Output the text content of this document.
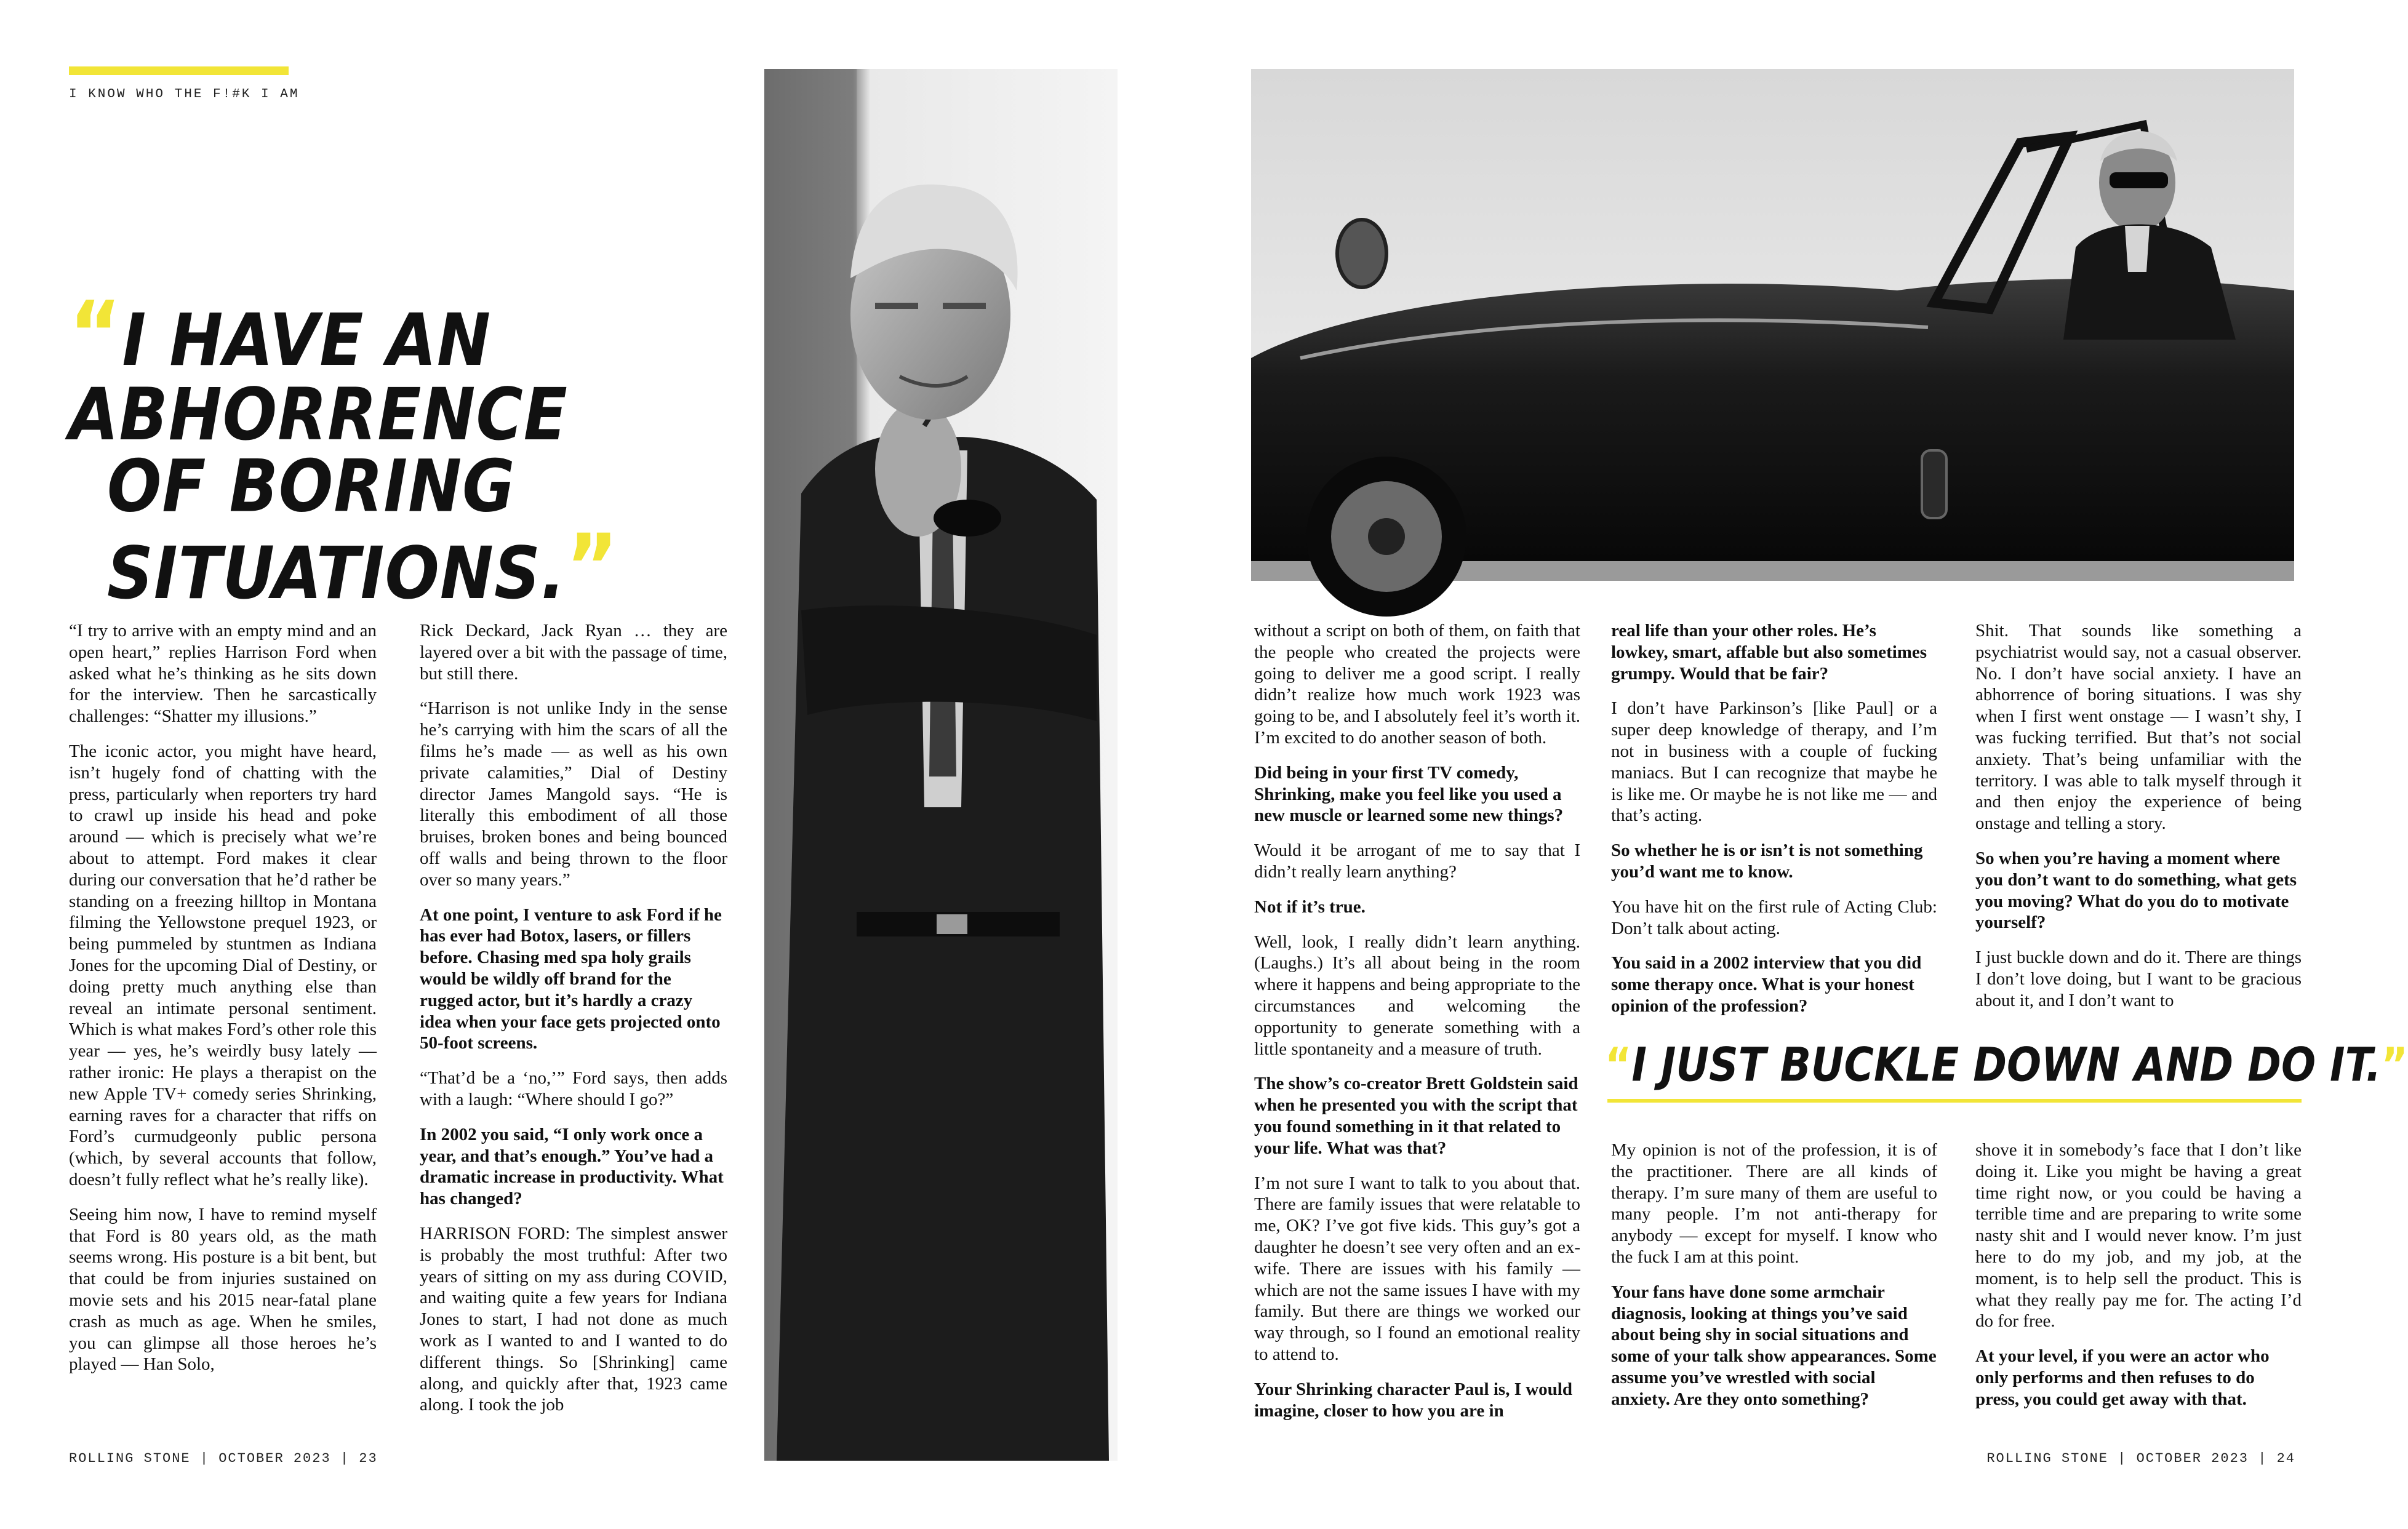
I KNOW WHO THE F!#K I AM
“I HAVE AN ABHORRENCE
OF BORING SITUATIONS.”
“I JUST BUCKLE DOWN AND DO IT.”

“I try to arrive with an empty mind and an open heart,” replies Harrison Ford when asked what he’s thinking as he sits down for the interview. Then he sarcastically challenges: “Shatter my illusions.”

The iconic actor, you might have heard, isn’t hugely fond of chatting with the press, particularly when reporters try hard to crawl up inside his head and poke around — which is precisely what we’re about to attempt. Ford makes it clear during our conversation that he’d rather be standing on a freezing hilltop in Montana filming the Yellowstone prequel 1923, or being pummeled by stuntmen as Indiana Jones for the upcoming Dial of Destiny, or doing pretty much anything else than reveal an intimate personal sentiment. Which is what makes Ford’s other role this year — yes, he’s weirdly busy lately — rather ironic: He plays a therapist on the new Apple TV+ comedy series Shrinking, earning raves for a character that riffs on Ford’s curmudgeonly public persona (which, by several accounts that follow, doesn’t fully reflect what he’s really like).

Seeing him now, I have to remind myself that Ford is 80 years old, as the math seems wrong. His posture is a bit bent, but that could be from injuries sustained on movie sets and his 2015 near-fatal plane crash as much as age. When he smiles, you can glimpse all those heroes he’s played — Han Solo,

Rick Deckard, Jack Ryan … they are layered over a bit with the passage of time, but still there.

“Harrison is not unlike Indy in the sense he’s carrying with him the scars of all the films he’s made — as well as his own private calamities,” Dial of Destiny director James Mangold says. “He is literally this embodiment of all those bruises, broken bones and being bounced off walls and being thrown to the floor over so many years.”

At one point, I venture to ask Ford if he has ever had Botox, lasers, or fillers before. Chasing med spa holy grails would be wildly off brand for the rugged actor, but it’s hardly a crazy idea when your face gets projected onto 50-foot screens.

“That’d be a ‘no,’” Ford says, then adds with a laugh: “Where should I go?”

In 2002 you said, “I only work once a year, and that’s enough.” You’ve had a dramatic increase in productivity. What has changed?

HARRISON FORD: The simplest answer is probably the most truthful: After two years of sitting on my ass during COVID, and waiting quite a few years for Indiana Jones to start, I had not done as much work as I wanted to and I wanted to do different things. So [Shrinking] came along, and quickly after that, 1923 came along. I took the job

without a script on both of them, on faith that the people who created the projects were going to deliver me a good script. I really didn’t realize how much work 1923 was going to be, and I absolutely feel it’s worth it. I’m excited to do another season of both.

Did being in your first TV comedy, Shrinking, make you feel like you used a new muscle or learned some new things?

Would it be arrogant of me to say that I didn’t really learn anything?

Not if it’s true.

Well, look, I really didn’t learn anything. (Laughs.) It’s all about being in the room where it happens and being appropriate to the circumstances and welcoming the opportunity to generate something with a little spontaneity and a measure of truth.

The show’s co-creator Brett Goldstein said when he presented you with the script that you found something in it that related to your life. What was that?

I’m not sure I want to talk to you about that. There are family issues that were relatable to me, OK? I’ve got five kids. This guy’s got a daughter he doesn’t see very often and an ex-wife. There are issues with his family — which are not the same issues I have with my family. But there are things we worked our way through, so I found an emotional reality to attend to.

Your Shrinking character Paul is, I would imagine, closer to how you are in

real life than your other roles. He’s lowkey, smart, affable but also sometimes grumpy. Would that be fair?

I don’t have Parkinson’s [like Paul] or a super deep knowledge of therapy, and I’m not in business with a couple of fucking maniacs. But I can recognize that maybe he is like me. Or maybe he is not like me — and that’s acting.

So whether he is or isn’t is not something you’d want me to know.

You have hit on the first rule of Acting Club: Don’t talk about acting.

You said in a 2002 interview that you did some therapy once. What is your honest opinion of the profession?

My opinion is not of the profession, it is of the practitioner. There are all kinds of therapy. I’m sure many of them are useful to many people. I’m not anti-therapy for anybody — except for myself. I know who the fuck I am at this point.

Your fans have done some armchair diagnosis, looking at things you’ve said about being shy in social situations and some of your talk show appearances. Some assume you’ve wrestled with social anxiety. Are they onto something?

Shit. That sounds like something a psychiatrist would say, not a casual observer. No. I don’t have social anxiety. I have an abhorrence of boring situations. I was shy when I first went onstage — I wasn’t shy, I was fucking terrified. But that’s not social anxiety. That’s being unfamiliar with the territory. I was able to talk myself through it and then enjoy the experience of being onstage and telling a story.

So when you’re having a moment where you don’t want to do something, what gets you moving? What do you do to motivate yourself?

I just buckle down and do it. There are things I don’t love doing, but I want to be gracious about it, and I don’t want to

shove it in somebody’s face that I don’t like doing it. Like you might be having a great time right now, or you could be having a terrible time and are preparing to write some nasty shit and I would never know. I’m just here to do my job, and my job, at the moment, is to help sell the product. This is what they really pay me for. The acting I’d do for free.

At your level, if you were an actor who only performs and then refuses to do press, you could get away with that.

ROLLING STONE | OCTOBER 2023 | 23	ROLLING STONE | OCTOBER 2023 | 24
